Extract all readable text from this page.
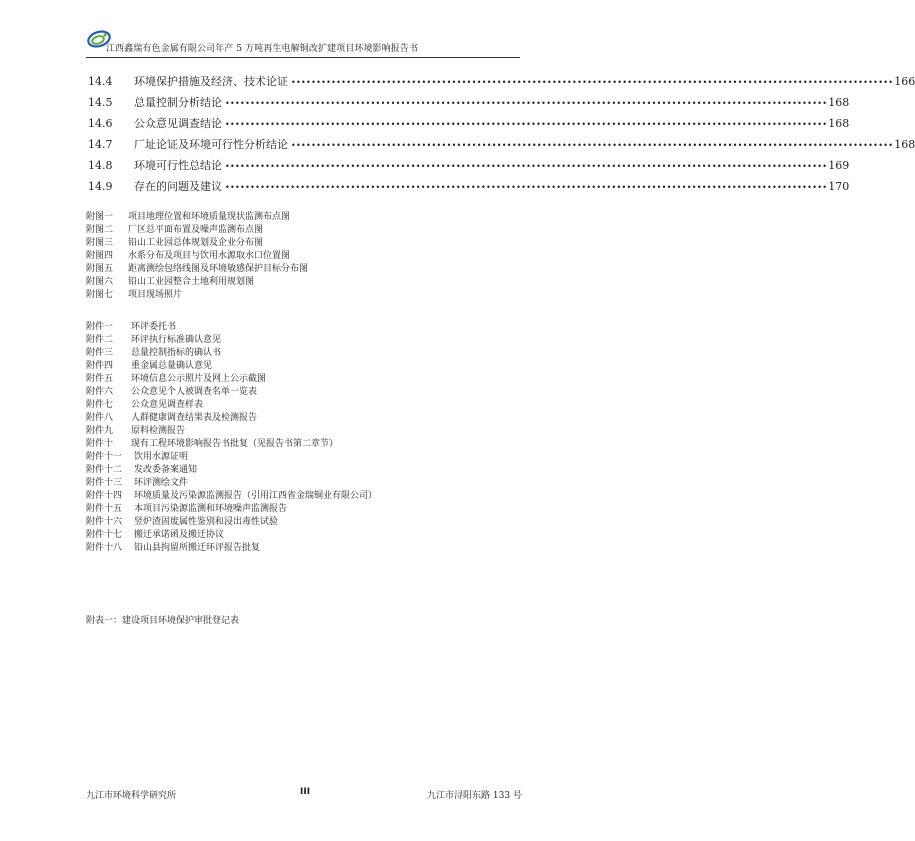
江西鑫瑞有色金属有限公司年产 5 万吨再生电解铜改扩建项目环境影响报告书
14.4	环境保护措施及经济、技术论证 •••••••••••••••••••••••••••••••••••••••••••••••••••••••••••••••••••••••••••••••••••••••••••••••••••••••••••••••••••••••• 166
14.5	总量控制分析结论 •••••••••••••••••••••••••••••••••••••••••••••••••••••••••••••••••••••••••••••••••••••••••••••••••••••••••••••••••••••••• 168
14.6	公众意见调查结论 •••••••••••••••••••••••••••••••••••••••••••••••••••••••••••••••••••••••••••••••••••••••••••••••••••••••••••••••••••••••• 168
14.7	厂址论证及环境可行性分析结论 •••••••••••••••••••••••••••••••••••••••••••••••••••••••••••••••••••••••••••••••••••••••••••••••••••••••••••••••••••••••• 168
14.8	环境可行性总结论 •••••••••••••••••••••••••••••••••••••••••••••••••••••••••••••••••••••••••••••••••••••••••••••••••••••••••••••••••••••••• 169
14.9	存在的问题及建议 •••••••••••••••••••••••••••••••••••••••••••••••••••••••••••••••••••••••••••••••••••••••••••••••••••••••••••••••••••••••• 170
附图一	项目地理位置和环境质量现状监测布点图
附图二	厂区总平面布置及噪声监测布点图
附图三	铅山工业园总体规划及企业分布图
附图四	水系分布及项目与饮用水源取水口位置图
附图五	距离测绘包络线图及环境敏感保护目标分布图
附图六	铅山工业园整合土地利用规划图
附图七	项目现场照片
附件一	环评委托书
附件二	环评执行标准确认意见
附件三	总量控制指标的确认书
附件四	重金属总量确认意见
附件五	环境信息公示照片及网上公示截图
附件六	公众意见个人被调查名单一览表
附件七	公众意见调查样表
附件八	人群健康调查结果表及检测报告
附件九	原料检测报告
附件十	现有工程环境影响报告书批复（见报告书第二章节）
附件十一	饮用水源证明
附件十二	发改委备案通知
附件十三	环评测绘文件
附件十四	环境质量及污染源监测报告（引用江西省金瑞铜业有限公司）
附件十五	本项目污染源监测和环境噪声监测报告
附件十六	竖炉渣固废属性鉴别和浸出毒性试验
附件十七	搬迁承诺函及搬迁协议
附件十八	铅山县拘留所搬迁环评报告批复
附表一：建设项目环境保护审批登记表
九江市环境科学研究所	III	九江市浔阳东路 133 号
